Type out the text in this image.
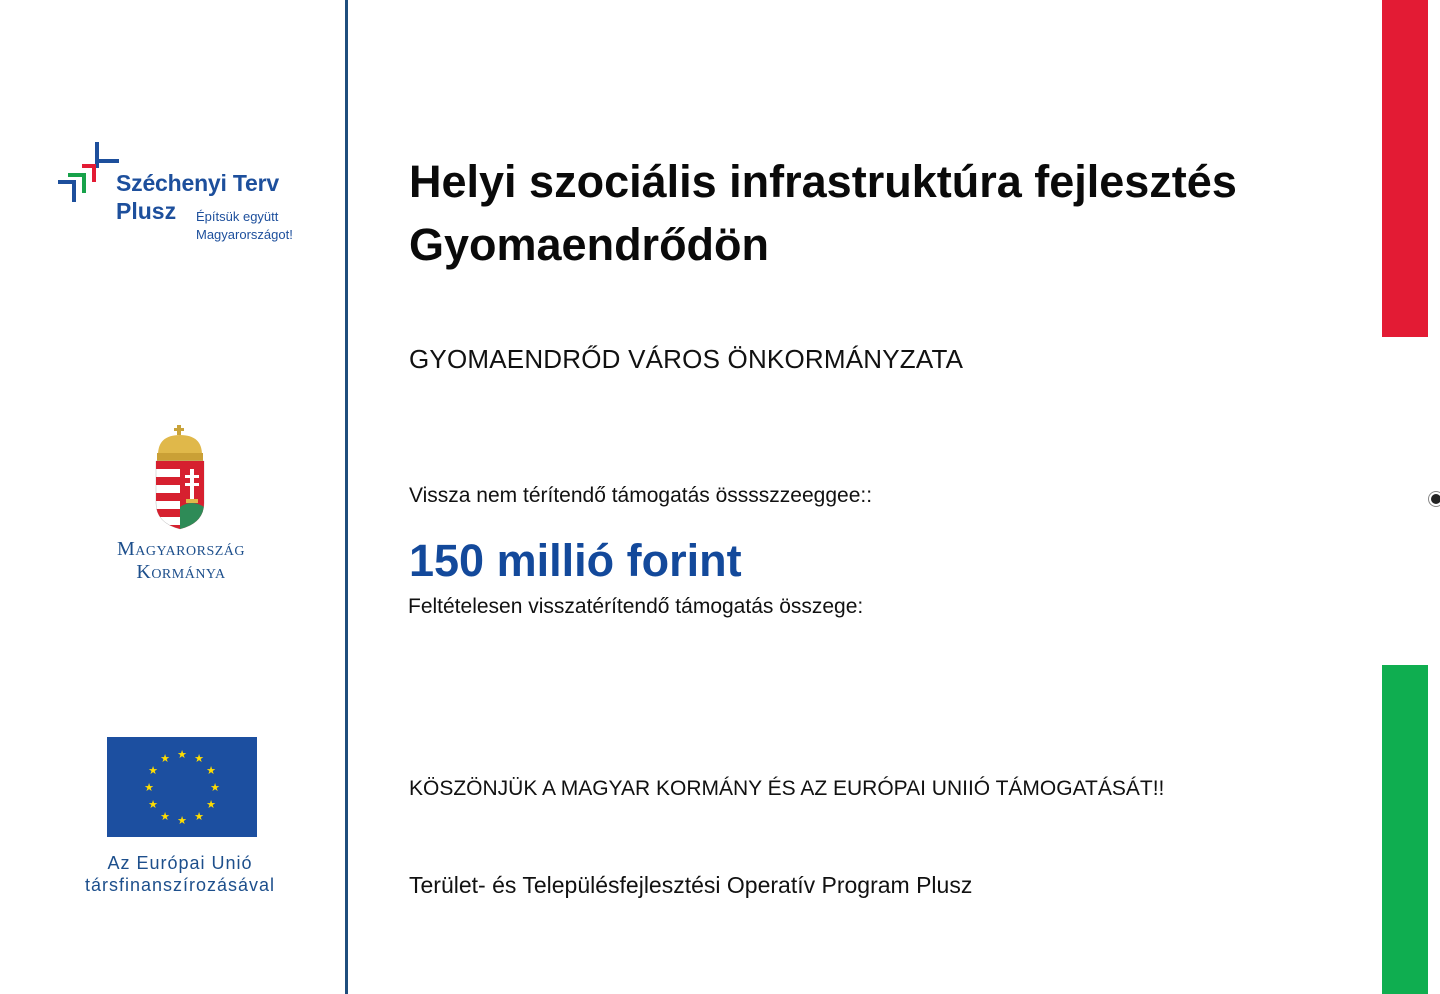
Széchenyi Terv
Plusz Építsük együtt
Magyarországot!
Magyarország
Kormánya
★ ★
★
★
★
★
★
★
★
★
★
★
Az Európai Unió
társfinanszírozásával
Helyi szociális infrastruktúra fejlesztés
Gyomaendrődön
GYOMAENDRŐD VÁROS ÖNKORMÁNYZATA
Vissza nem térítendő támogatás össsszzeeggee::
150 millió forint
Feltételesen visszatérítendő támogatás összege:
KÖSZÖNJÜK A MAGYAR KORMÁNY ÉS AZ EURÓPAI UNIIÓ TÁMOGATÁSÁT!!
Terület- és Településfejlesztési Operatív Program Plusz
